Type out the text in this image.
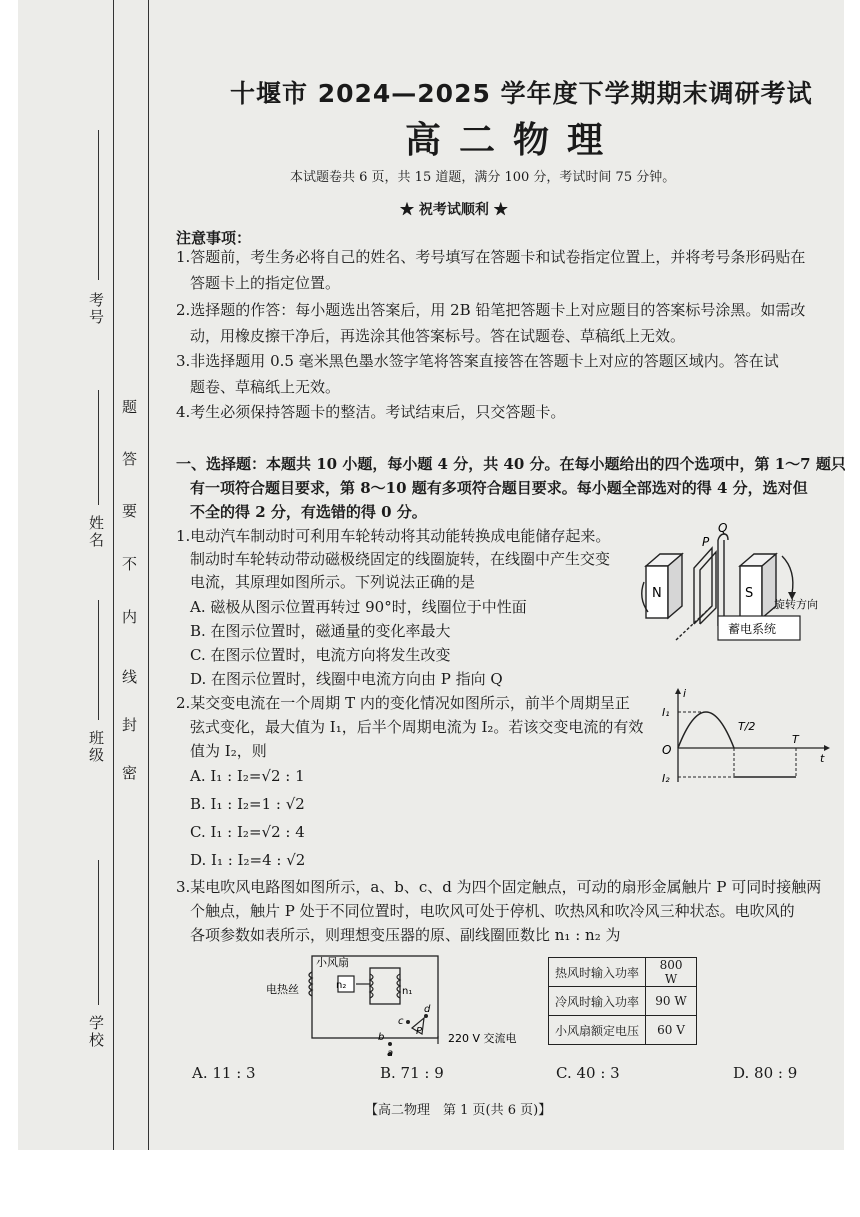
考号
姓名
班级
学校
密
封
线
内
不
要
答
题
十堰市 2024—2025 学年度下学期期末调研考试
高二物理
本试题卷共 6 页，共 15 道题，满分 100 分，考试时间 75 分钟。
★ 祝考试顺利 ★
注意事项：
1.答题前，考生务必将自己的姓名、考号填写在答题卡和试卷指定位置上，并将考号条形码贴在
答题卡上的指定位置。
2.选择题的作答：每小题选出答案后，用 2B 铅笔把答题卡上对应题目的答案标号涂黑。如需改
动，用橡皮擦干净后，再选涂其他答案标号。答在试题卷、草稿纸上无效。
3.非选择题用 0.5 毫米黑色墨水签字笔将答案直接答在答题卡上对应的答题区域内。答在试
题卷、草稿纸上无效。
4.考生必须保持答题卡的整洁。考试结束后，只交答题卡。
一、选择题：本题共 10 小题，每小题 4 分，共 40 分。在每小题给出的四个选项中，第 1～7 题只
有一项符合题目要求，第 8～10 题有多项符合题目要求。每小题全部选对的得 4 分，选对但
不全的得 2 分，有选错的得 0 分。
1.电动汽车制动时可利用车轮转动将其动能转换成电能储存起来。
制动时车轮转动带动磁极绕固定的线圈旋转，在线圈中产生交变
电流，其原理如图所示。下列说法正确的是
A. 磁极从图示位置再转过 90°时，线圈位于中性面
B. 在图示位置时，磁通量的变化率最大
C. 在图示位置时，电流方向将发生改变
D. 在图示位置时，线圈中电流方向由 P 指向 Q
N	S
P
Q
旋转方向
蓄电系统
2.某交变电流在一个周期 T 内的变化情况如图所示，前半个周期呈正
弦式变化，最大值为 I₁，后半个周期电流为 I₂。若该交变电流的有效
值为 I₂，则
A. I₁ : I₂=√2 : 1
B. I₁ : I₂=1 : √2
C. I₁ : I₂=√2 : 4
D. I₁ : I₂=4 : √2
i
t
O
I₁
I₂
T/2
T
3.某电吹风电路图如图所示，a、b、c、d 为四个固定触点，可动的扇形金属触片 P 可同时接触两
个触点，触片 P 处于不同位置时，电吹风可处于停机、吹热风和吹冷风三种状态。电吹风的
各项参数如表所示，则理想变压器的原、副线圈匝数比 n₁ : n₂ 为
小风扇
电热丝	n₂
n₁
b
a
c
d
P
220 V 交流电
热风时输入功率	800 W
冷风时输入功率	90 W
小风扇额定电压	60 V
A. 11 : 3	B. 71 : 9	C. 40 : 3	D. 80 : 9
【高二物理　第 1 页(共 6 页)】
